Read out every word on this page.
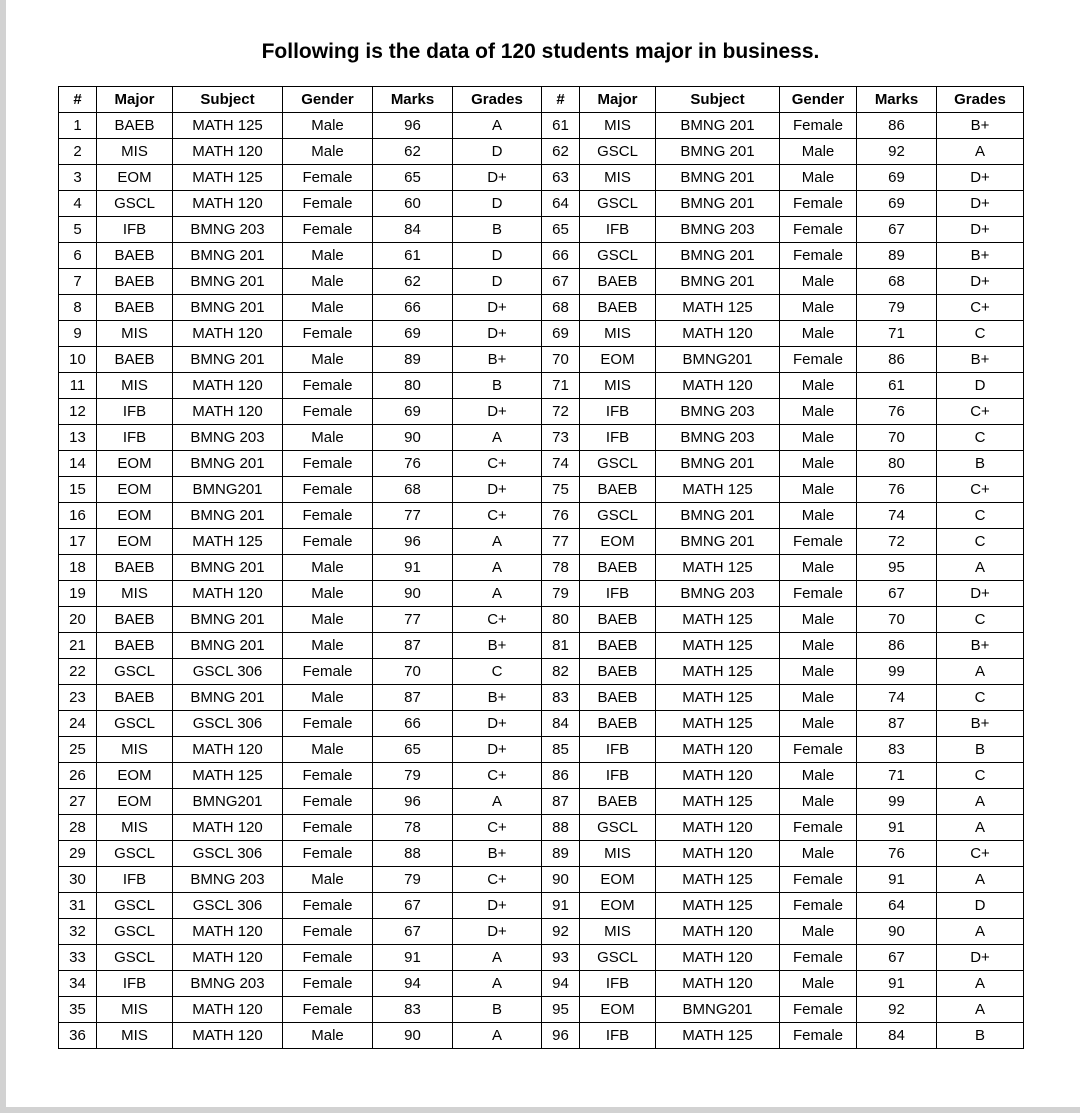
Following is the data of 120 students major in business.
#	Major	Subject	Gender	Marks	Grades	#	Major	Subject	Gender	Marks	Grades
1	BAEB	MATH 125	Male	96	A	61	MIS	BMNG 201	Female	86	B+
2	MIS	MATH 120	Male	62	D	62	GSCL	BMNG 201	Male	92	A
3	EOM	MATH 125	Female	65	D+	63	MIS	BMNG 201	Male	69	D+
4	GSCL	MATH 120	Female	60	D	64	GSCL	BMNG 201	Female	69	D+
5	IFB	BMNG 203	Female	84	B	65	IFB	BMNG 203	Female	67	D+
6	BAEB	BMNG 201	Male	61	D	66	GSCL	BMNG 201	Female	89	B+
7	BAEB	BMNG 201	Male	62	D	67	BAEB	BMNG 201	Male	68	D+
8	BAEB	BMNG 201	Male	66	D+	68	BAEB	MATH 125	Male	79	C+
9	MIS	MATH 120	Female	69	D+	69	MIS	MATH 120	Male	71	C
10	BAEB	BMNG 201	Male	89	B+	70	EOM	BMNG201	Female	86	B+
11	MIS	MATH 120	Female	80	B	71	MIS	MATH 120	Male	61	D
12	IFB	MATH 120	Female	69	D+	72	IFB	BMNG 203	Male	76	C+
13	IFB	BMNG 203	Male	90	A	73	IFB	BMNG 203	Male	70	C
14	EOM	BMNG 201	Female	76	C+	74	GSCL	BMNG 201	Male	80	B
15	EOM	BMNG201	Female	68	D+	75	BAEB	MATH 125	Male	76	C+
16	EOM	BMNG 201	Female	77	C+	76	GSCL	BMNG 201	Male	74	C
17	EOM	MATH 125	Female	96	A	77	EOM	BMNG 201	Female	72	C
18	BAEB	BMNG 201	Male	91	A	78	BAEB	MATH 125	Male	95	A
19	MIS	MATH 120	Male	90	A	79	IFB	BMNG 203	Female	67	D+
20	BAEB	BMNG 201	Male	77	C+	80	BAEB	MATH 125	Male	70	C
21	BAEB	BMNG 201	Male	87	B+	81	BAEB	MATH 125	Male	86	B+
22	GSCL	GSCL 306	Female	70	C	82	BAEB	MATH 125	Male	99	A
23	BAEB	BMNG 201	Male	87	B+	83	BAEB	MATH 125	Male	74	C
24	GSCL	GSCL 306	Female	66	D+	84	BAEB	MATH 125	Male	87	B+
25	MIS	MATH 120	Male	65	D+	85	IFB	MATH 120	Female	83	B
26	EOM	MATH 125	Female	79	C+	86	IFB	MATH 120	Male	71	C
27	EOM	BMNG201	Female	96	A	87	BAEB	MATH 125	Male	99	A
28	MIS	MATH 120	Female	78	C+	88	GSCL	MATH 120	Female	91	A
29	GSCL	GSCL 306	Female	88	B+	89	MIS	MATH 120	Male	76	C+
30	IFB	BMNG 203	Male	79	C+	90	EOM	MATH 125	Female	91	A
31	GSCL	GSCL 306	Female	67	D+	91	EOM	MATH 125	Female	64	D
32	GSCL	MATH 120	Female	67	D+	92	MIS	MATH 120	Male	90	A
33	GSCL	MATH 120	Female	91	A	93	GSCL	MATH 120	Female	67	D+
34	IFB	BMNG 203	Female	94	A	94	IFB	MATH 120	Male	91	A
35	MIS	MATH 120	Female	83	B	95	EOM	BMNG201	Female	92	A
36	MIS	MATH 120	Male	90	A	96	IFB	MATH 125	Female	84	B
